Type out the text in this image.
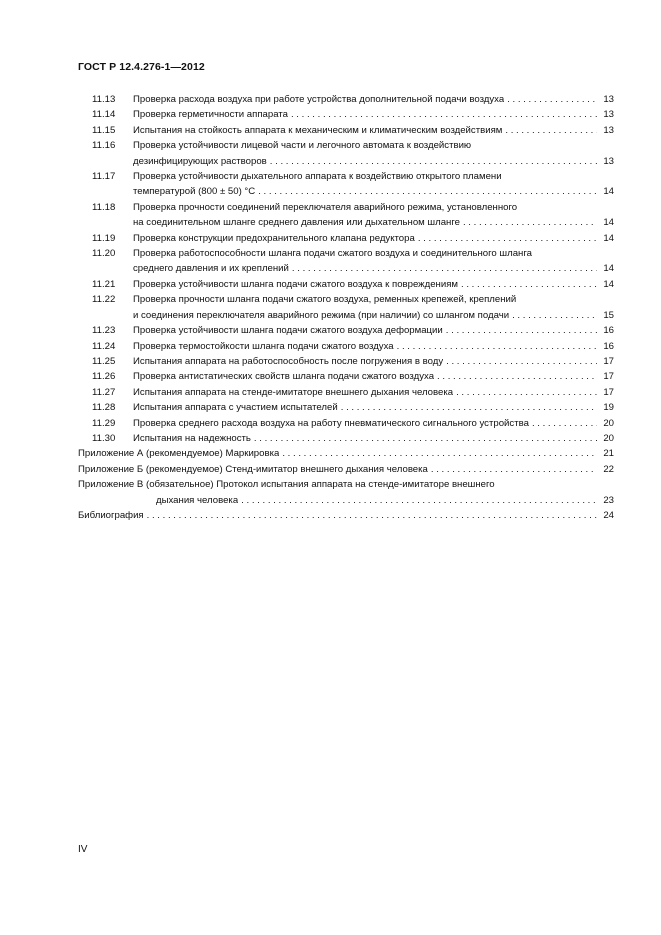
ГОСТ Р 12.4.276-1—2012
11.13	Проверка расхода воздуха при работе устройства дополнительной подачи воздуха . . .	13
11.14	Проверка герметичности аппарата . . .	13
11.15	Испытания на стойкость аппарата к механическим и климатическим воздействиям . . .	13
11.16	Проверка устойчивости лицевой части и легочного автомата к воздействию
дезинфицирующих растворов . . .	13
11.17	Проверка устойчивости дыхательного аппарата к воздействию открытого пламени
температурой (800 ± 50) °С . . .	14
11.18	Проверка прочности соединений переключателя аварийного режима, установленного
на соединительном шланге среднего давления или дыхательном шланге . . .	14
11.19	Проверка конструкции предохранительного клапана редуктора . . .	14
11.20	Проверка работоспособности шланга подачи сжатого воздуха и соединительного шланга
среднего давления и их креплений . . .	14
11.21	Проверка устойчивости шланга подачи сжатого воздуха к повреждениям . . .	14
11.22	Проверка прочности шланга подачи сжатого воздуха, ременных крепежей, креплений
и соединения переключателя аварийного режима (при наличии) со шлангом подачи . . .	15
11.23	Проверка устойчивости шланга подачи сжатого воздуха деформации . . .	16
11.24	Проверка термостойкости шланга подачи сжатого воздуха . . .	16
11.25	Испытания аппарата на работоспособность после погружения в воду . . .	17
11.26	Проверка антистатических свойств шланга подачи сжатого воздуха . . .	17
11.27	Испытания аппарата на стенде-имитаторе внешнего дыхания человека . . .	17
11.28	Испытания аппарата с участием испытателей . . .	19
11.29	Проверка среднего расхода воздуха на работу пневматического сигнального устройства . . .	20
11.30	Испытания на надежность . . .	20
Приложение А (рекомендуемое) Маркировка . . .	21
Приложение Б (рекомендуемое) Стенд-имитатор внешнего дыхания человека . . .	22
Приложение В (обязательное) Протокол испытания аппарата на стенде-имитаторе внешнего
дыхания человека . . .	23
Библиография . . .	24
IV
